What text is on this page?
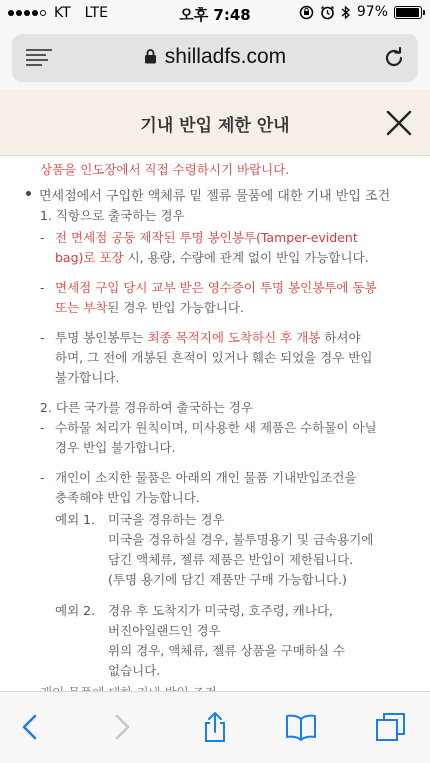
KT LTE	오후 7:48	97%
shilladfs.com
기내 반입 제한 안내
상품을 인도장에서 직접 수령하시기 바랍니다.
면세점에서 구입한 액체류 밑 젤류 물품에 대한 기내 반입 조건
1. 직항으로 출국하는 경우
- 전 면세점 공동 제작된 투명 봉인봉투(Tamper-evident
bag)로 포장 시, 용량, 수량에 관계 없이 반입 가능합니다.
- 면세점 구입 당시 교부 받은 영수증이 투명 봉인봉투에 동봉
또는 부착된 경우 반입 가능합니다.
- 투명 봉인봉투는 최종 목적지에 도착하신 후 개봉 하셔야
하며, 그 전에 개봉된 흔적이 있거나 훼손 되었을 경우 반입
불가합니다.
2. 다른 국가를 경유하여 출국하는 경우
- 수하물 처리가 원칙이며, 미사용한 새 제품은 수하물이 아닐
경우 반입 불가합니다.
- 개인이 소지한 물품은 아래의 개인 물품 기내반입조건을
충족해야 반입 가능합니다.
예외 1. 미국을 경유하는 경우
미국을 경유하실 경우, 불투명용기 및 금속용기에
담긴 액체류, 젤류 제품은 반입이 제한됩니다.
(투명 용기에 담긴 제품만 구매 가능합니다.)
예외 2. 경유 후 도착지가 미국령, 호주령, 캐나다,
버진아일랜드인 경우
위의 경우, 액체류, 젤류 상품을 구매하실 수
없습니다.
